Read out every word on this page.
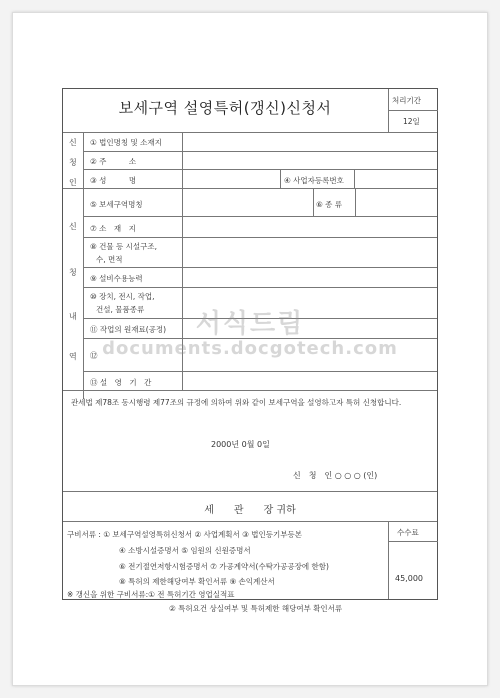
보세구역 설영특허(갱신)신청서	처리기간
12일
신
청
인
① 법인명칭 및 소재지
② 주　　　소
③ 성　　　명	④ 사업자등록번호
신
청
내
역
⑤ 보세구역명칭	⑥ 종 류
⑦ 소　재　지
⑧ 건물 등 시설구조,
수, 면적
⑨ 설비수용능력
⑩ 장치, 전시, 작업,
건설, 물품종류
⑪ 작업의 원재료(공정)
⑫
⑬ 설　영　기　간
관세법 제78조 동시행령 제77조의 규정에 의하여 위와 같이 보세구역을 설영하고자 특허 신청합니다.
2000년 0월 0일
신　청　인 ○ ○ ○ (인)
세　　관　　장 귀하
구비서류 : ① 보세구역설영특허신청서 ② 사업계획서 ③ 법인등기부등본
④ 소방시설증명서 ⑤ 임원의 신원증명서
⑥ 전기절연저항시험증명서 ⑦ 가공계약서(수탁가공공장에 한함)
⑧ 특허의 제한해당여부 확인서류 ⑨ 손익계산서
※ 갱신을 위한 구비서류:① 전 특허기간 영업실적표
② 특허요건 상실여부 및 특허제한 해당여부 확인서류
수수료
45,000
서식드림
documents.docgotech.com
